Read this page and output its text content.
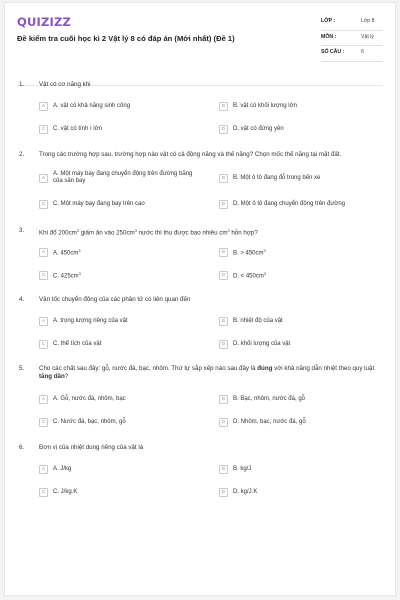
QUIZIZZ
Đề kiểm tra cuối học kì 2 Vật lý 8 có đáp án (Mới nhất) (Đề 1)
LỚP :	Lớp 8
MÔN :	Vật lý
SỐ CÂU :	6
1. Vật có cơ năng khi
A	A. vật có khả năng sinh công	B	B. vật có khối lượng lớn
C	C. vật có tính ì lớn	D	D. vật có đứng yên
2. Trong các trường hợp sau, trường hợp nào vật có cả động năng và thế năng? Chọn mốc thế năng tại mặt đất.
A
A. Một máy bay đang chuyển động trên đường băng của sân bay	B	B. Một ô tô đang đỗ trong bến xe
C	C. Một máy bay đang bay trên cao	D	D. Một ô tô đang chuyển động trên đường
3. Khi đổ $200cm^3$ giấm ăn vào $250cm^3$ nước thì thu được bao nhiêu $cm^3$ hỗn hợp?
A	A. $450cm^3$	B	B. > $450cm^3$
C	C. $425cm^3$	D	D. < $450cm^3$
4. Vận tốc chuyển động của các phân tử có liên quan đến
A	A. trọng lượng riêng của vật	B	B. nhiệt độ của vật
C	C. thể tích của vật	D	D. khối lượng của vật
5. Cho các chất sau đây: gỗ, nước đá, bạc, nhôm. Thứ tự sắp xếp nào sau đây là đúng với khả năng dẫn nhiệt theo quy luật tăng dần?
A	A. Gỗ, nước đá, nhôm, bạc	B	B. Bạc, nhôm, nước đá, gỗ
C	C. Nước đá, bạc, nhôm, gỗ	D	D. Nhôm, bạc, nước đá, gỗ
6. Đơn vị của nhiệt dung riêng của vật là
A	A. J/kg	B	B. kg/J
C	C. J/kg.K	D	D. kg/J.K
